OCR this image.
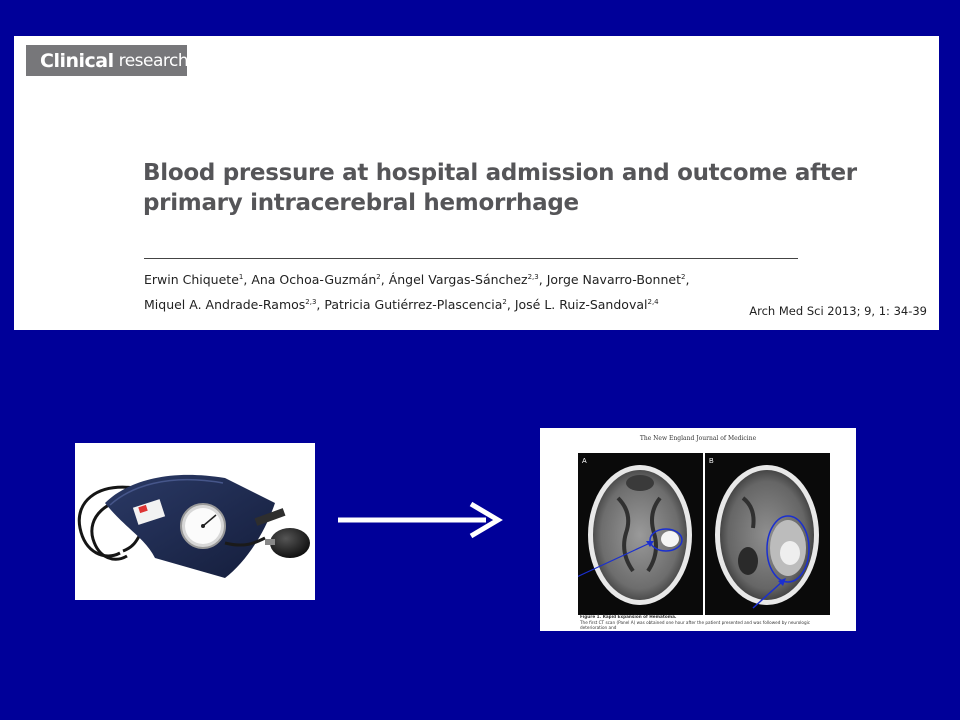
Clinical research
Blood pressure at hospital admission and outcome after
primary intracerebral hemorrhage
Erwin Chiquete$^1$, Ana Ochoa-Guzmán$^2$, Ángel Vargas-Sánchez$^{2,3}$, Jorge Navarro-Bonnet$^2$,
Miquel A. Andrade-Ramos$^{2,3}$, Patricia Gutiérrez-Plascencia$^2$, José L. Ruiz-Sandoval$^{2,4}$
Arch Med Sci 2013; 9, 1: 34-39
The New England Journal of Medicine
A	B
Figure 1. Rapid Expansion of Hematoma.
The first CT scan (Panel A) was obtained one hour after the patient presented and was followed by neurologic deterioration and
